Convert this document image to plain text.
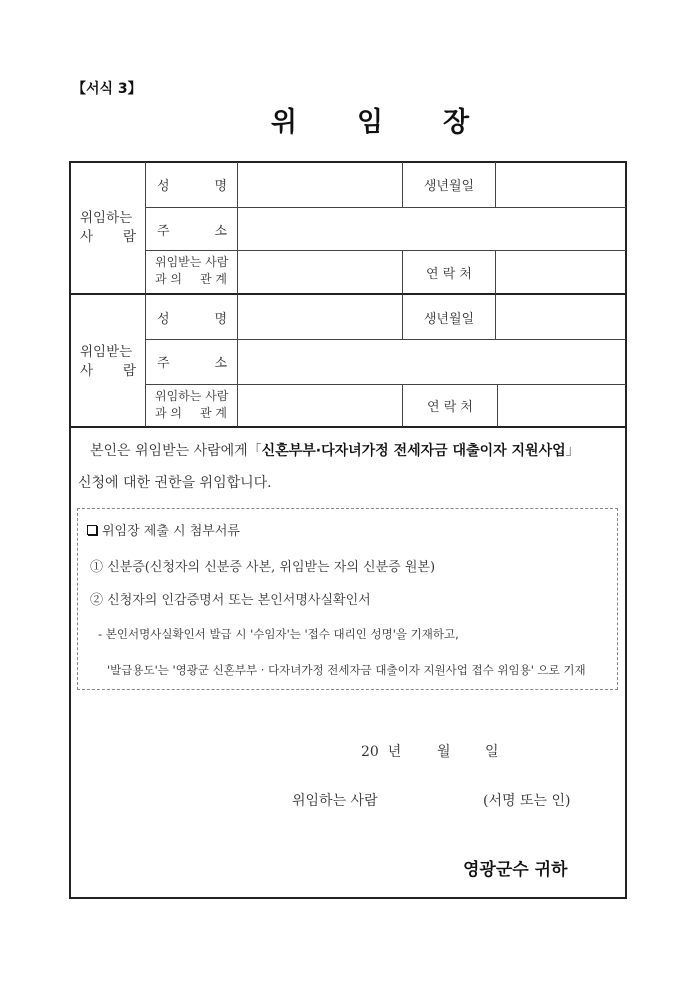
【서식 3】
위 임 장
위임하는
사 람
성	명	생년월일
주	소
위임받는 사람
과 의 관 계	연 락 처
위임받는
사 람
성	명	생년월일
주	소
위임하는 사람
과 의 관 계	연 락 처
본인은 위임받는 사람에게「신혼부부·다자녀가정 전세자금 대출이자 지원사업」
신청에 대한 권한을 위임합니다.
위임장 제출 시 첨부서류
① 신분증(신청자의 신분증 사본, 위임받는 자의 신분증 원본)
② 신청자의 인감증명서 또는 본인서명사실확인서
- 본인서명사실확인서 발급 시 '수임자'는 '접수 대리인 성명'을 기재하고,
'발급용도'는 '영광군 신혼부부 · 다자녀가정 전세자금 대출이자 지원사업 접수 위임용' 으로 기재
20 년	월 일
위임하는 사람	(서명 또는 인)
영광군수 귀하
